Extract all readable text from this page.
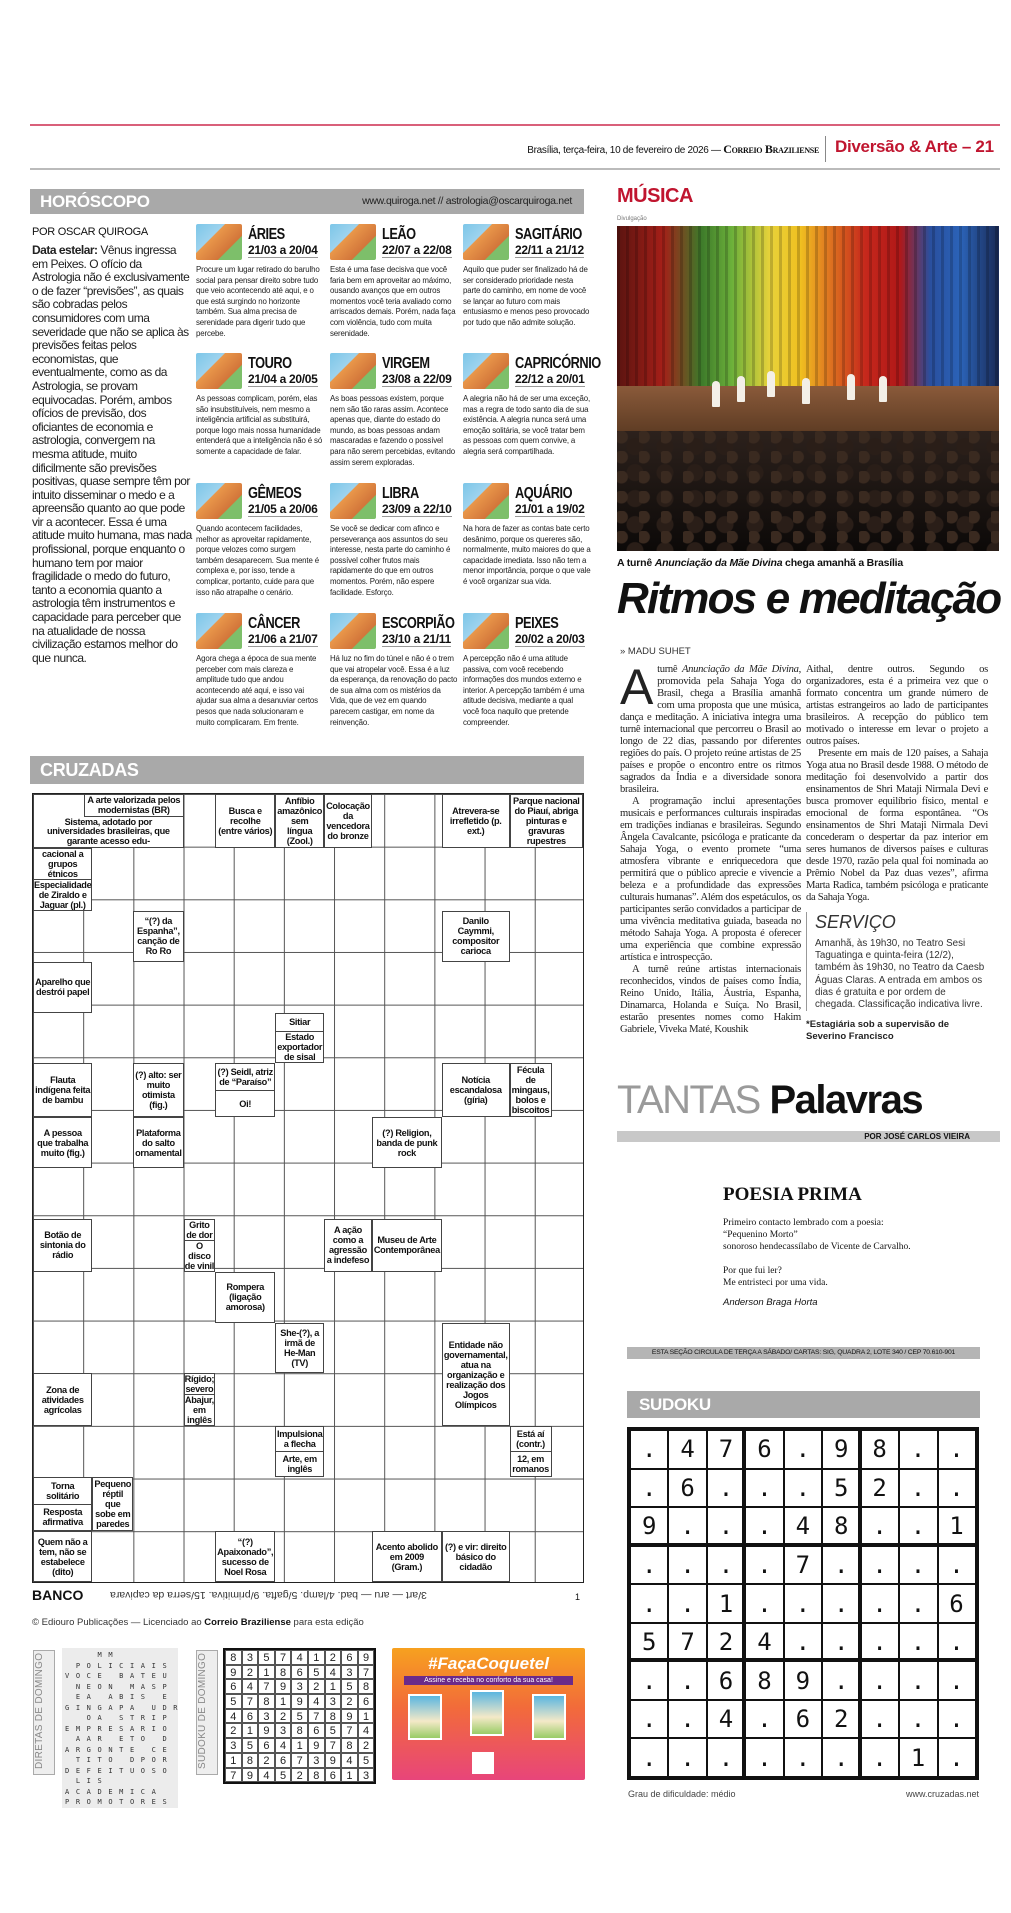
Brasília, terça-feira, 10 de fevereiro de 2026 — Correio Braziliense Diversão & Arte – 21
HORÓSCOPO	www.quiroga.net // astrologia@oscarquiroga.net
POR OSCAR QUIROGA
Data estelar: Vênus ingressa em Peixes. O ofício da Astrologia não é exclusivamente o de fazer “previsões”, as quais são cobradas pelos consumidores com uma severidade que não se aplica às previsões feitas pelos economistas, que eventualmente, como as da Astrologia, se provam equivocadas. Porém, ambos ofícios de previsão, dos oficiantes de economia e astrologia, convergem na mesma atitude, muito dificilmente são previsões positivas, quase sempre têm por intuito disseminar o medo e a apreensão quanto ao que pode vir a acontecer. Essa é uma atitude muito humana, mas nada profissional, porque enquanto o humano tem por maior fragilidade o medo do futuro, tanto a economia quanto a astrologia têm instrumentos e capacidade para perceber que na atualidade de nossa civilização estamos melhor do que nunca.
ÁRIES
21/03 a 20/04
Procure um lugar retirado do barulho social para pensar direito sobre tudo que veio acontecendo até aqui, e o que está surgindo no horizonte também. Sua alma precisa de serenidade para digerir tudo que percebe.
TOURO
21/04 a 20/05
As pessoas complicam, porém, elas são insubstituíveis, nem mesmo a inteligência artificial as substituirá, porque logo mais nossa humanidade entenderá que a inteligência não é só somente a capacidade de falar.
GÊMEOS
21/05 a 20/06
Quando acontecem facilidades, melhor as aproveitar rapidamente, porque velozes como surgem também desaparecem. Sua mente é complexa e, por isso, tende a complicar, portanto, cuide para que isso não atrapalhe o cenário.
CÂNCER
21/06 a 21/07
Agora chega a época de sua mente perceber com mais clareza e amplitude tudo que andou acontecendo até aqui, e isso vai ajudar sua alma a desanuviar certos pesos que nada solucionaram e muito complicaram. Em frente.
LEÃO
22/07 a 22/08
Esta é uma fase decisiva que você faria bem em aproveitar ao máximo, ousando avanços que em outros momentos você teria avaliado como arriscados demais. Porém, nada faça com violência, tudo com muita serenidade.
VIRGEM
23/08 a 22/09
As boas pessoas existem, porque nem são tão raras assim. Acontece apenas que, diante do estado do mundo, as boas pessoas andam mascaradas e fazendo o possível para não serem percebidas, evitando assim serem exploradas.
LIBRA
23/09 a 22/10
Se você se dedicar com afinco e perseverança aos assuntos do seu interesse, nesta parte do caminho é possível colher frutos mais rapidamente do que em outros momentos. Porém, não espere facilidade. Esforço.
ESCORPIÃO
23/10 a 21/11
Há luz no fim do túnel e não é o trem que vai atropelar você. Essa é a luz da esperança, da renovação do pacto de sua alma com os mistérios da Vida, que de vez em quando parecem castigar, em nome da reinvenção.
SAGITÁRIO
22/11 a 21/12
Aquilo que puder ser finalizado há de ser considerado prioridade nesta parte do caminho, em nome de você se lançar ao futuro com mais entusiasmo e menos peso provocado por tudo que não admite solução.
CAPRICÓRNIO
22/12 a 20/01
A alegria não há de ser uma exceção, mas a regra de todo santo dia de sua existência. A alegria nunca será uma emoção solitária, se você tratar bem as pessoas com quem convive, a alegria será compartilhada.
AQUÁRIO
21/01 a 19/02
Na hora de fazer as contas bate certo desânimo, porque os quereres são, normalmente, muito maiores do que a capacidade imediata. Isso não tem a menor importância, porque o que vale é você organizar sua vida.
PEIXES
20/02 a 20/03
A percepção não é uma atitude passiva, com você recebendo informações dos mundos externo e interior. A percepção também é uma atitude decisiva, mediante a qual você foca naquilo que pretende compreender.
CRUZADAS
A arte valorizada pelos modernistas (BR)
Sistema, adotado por universidades brasileiras, que garante acesso edu-
cacional a grupos étnicos
Especialidade de Ziraldo e Jaguar (pl.)
Busca e recolhe (entre vários)
Anfíbio amazônico sem língua (Zool.)
Colocação da vencedora do bronze
Atrevera-se irrefletido (p. ext.)
Parque nacional do Piauí, abriga pinturas e gravuras rupestres
“(?) da Espanha”, canção de Ro Ro
Danilo Caymmi, compositor carioca
Aparelho que destrói papel
Sitiar
Estado exportador de sisal
Flauta indígena feita de bambu
(?) alto: ser muito otimista (fig.)
(?) Seidl, atriz de “Paraíso”
Oi!
Notícia escandalosa (gíria)
Fécula de mingaus, bolos e biscoitos
A pessoa que trabalha muito (fig.)
Plataforma do salto ornamental
(?) Religion, banda de punk rock
Botão de sintonia do rádio
Grito de dor
O disco de vinil
A ação como a agressão a indefeso
Museu de Arte Contemporânea
Rompera (ligação amorosa)
She-(?), a irmã de He-Man (TV)
Entidade não governamental, atua na organização e realização dos Jogos Olímpicos
Zona de atividades agrícolas
Rígido; severo
Abajur, em inglês
Impulsiona a flecha
Arte, em inglês
Está aí (contr.)
12, em romanos
Torna solitário
Resposta afirmativa
Pequeno réptil que sobe em paredes
Quem não a tem, não se estabelece (dito)
“(?) Apaixonado”, sucesso de Noel Rosa
Acento abolido em 2009 (Gram.)
(?) e vir: direito básico do cidadão
BANCO	3/art — aru — bad. 4/lamp. 5/gafta. 9/primitiva. 15/serra da capivara	1
© Ediouro Publicações — Licenciado ao Correio Braziliense para esta edição
DIRETAS DE DOMINGO	M M
P O L I C I A I S
V O C E   B A T E U
N E O N   M A S P
E A   A B I S   E
G I N G A P A   U D R
O A   S T R I P
E M P R E S A R I O
A A R   E T O   D
A R G O N T E   C E
T I T O   D P O R
D E F E I T U O S O
L I S
A C A D E M I C A
P R O M O T O R E S
SUDOKU DE DOMINGO	8 3 5 7 4 1 2 6 9
9 2 1 8 6 5 4 3 7
6 4 7 9 3 2 1 5 8
5 7 8 1 9 4 3 2 6
4 6 3 2 5 7 8 9 1
2 1 9 3 8 6 5 7 4
3 5 6 4 1 9 7 8 2
1 8 2 6 7 3 9 4 5
7 9 4 5 2 8 6 1 3
#FaçaCoquetel
Assine e receba no conforto da sua casa!
MÚSICA
Divulgação
A turnê Anunciação da Mãe Divina chega amanhã a Brasília
Ritmos e meditação
» MADU SUHET

A turnê Anunciação da Mãe Divina, promovida pela Sahaja Yoga do Brasil, chega a Brasília amanhã com uma proposta que une música, dança e meditação. A iniciativa integra uma turnê internacional que percorreu o Brasil ao longo de 22 dias, passando por diferentes regiões do país. O projeto reúne artistas de 25 países e propõe o encontro entre os ritmos sagrados da Índia e a diversidade sonora brasileira.

A programação inclui apresentações musicais e performances culturais inspiradas em tradições indianas e brasileiras. Segundo Ângela Cavalcante, psicóloga e praticante da Sahaja Yoga, o evento promete “uma atmosfera vibrante e enriquecedora que permitirá que o público aprecie e vivencie a beleza e a profundidade das expressões culturais humanas”. Além dos espetáculos, os participantes serão convidados a participar de uma vivência meditativa guiada, baseada no método Sahaja Yoga. A proposta é oferecer uma experiência que combine expressão artística e introspecção.

A turnê reúne artistas internacionais reconhecidos, vindos de países como Índia, Reino Unido, Itália, Áustria, Espanha, Dinamarca, Holanda e Suíça. No Brasil, estarão presentes nomes como Hakim Gabriele, Viveka Maté, Koushik

Aithal, dentre outros. Segundo os organizadores, esta é a primeira vez que o formato concentra um grande número de artistas estrangeiros ao lado de participantes brasileiros. A recepção do público tem motivado o interesse em levar o projeto a outros países.

Presente em mais de 120 países, a Sahaja Yoga atua no Brasil desde 1988. O método de meditação foi desenvolvido a partir dos ensinamentos de Shri Mataji Nirmala Devi e busca promover equilíbrio físico, mental e emocional de forma espontânea. “Os ensinamentos de Shri Mataji Nirmala Devi concederam o despertar da paz interior em seres humanos de diversos países e culturas desde 1970, razão pela qual foi nominada ao Prêmio Nobel da Paz duas vezes”, afirma Marta Radica, também psicóloga e praticante da Sahaja Yoga.

SERVIÇO

Amanhã, às 19h30, no Teatro Sesi Taguatinga e quinta-feira (12/2), também às 19h30, no Teatro da Caesb Águas Claras. A entrada em ambos os dias é gratuita e por ordem de chegada. Classificação indicativa livre.

*Estagiária sob a supervisão de Severino Francisco
TANTAS Palavras
POR JOSÉ CARLOS VIEIRA
POESIA PRIMA
Primeiro contacto lembrado com a poesia:
“Pequenino Morto”
sonoroso hendecassílabo de Vicente de Carvalho.
Por que fui ler?
Me entristeci por uma vida.
Anderson Braga Horta
ESTA SEÇÃO CIRCULA DE TERÇA A SÁBADO/ CARTAS: SIG, QUADRA 2, LOTE 340 / CEP 70.610-901
SUDOKU
.476.98..
.6...52..
9...48..1
....7....
..1.....6
5724.....
..689....
..4.62...
.......1.
Grau de dificuldade: médio	www.cruzadas.net
